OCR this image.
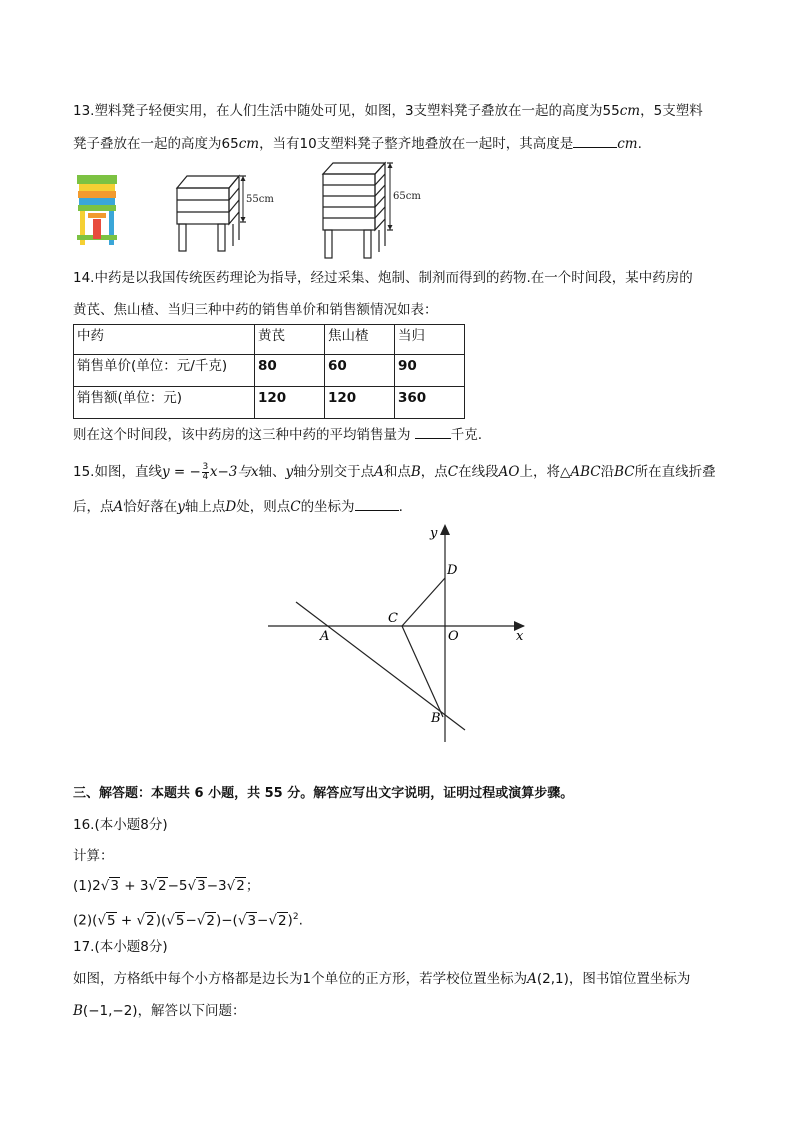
13.塑料凳子轻便实用，在人们生活中随处可见，如图，3支塑料凳子叠放在一起的高度为55cm，5支塑料
凳子叠放在一起的高度为65cm，当有10支塑料凳子整齐地叠放在一起时，其高度是	cm.
55cm	65cm
14.中药是以我国传统医药理论为指导，经过采集、炮制、制剂而得到的药物.在一个时间段，某中药房的
黄芪、焦山楂、当归三种中药的销售单价和销售额情况如表：
中药	黄芪	焦山楂	当归
销售单价(单位：元/千克)	80	60	90
销售额(单位：元)	120	120	360
则在这个时间段，该中药房的这三种中药的平均销售量为	千克.
15.如图，直线y = − $\frac{3}{4} x-3$与x轴、y轴分别交于点A和点B，点C在线段AO上，将△ABC沿BC所在直线折叠
后，点A恰好落在y轴上点D处，则点C的坐标为	.
y
x
D
C
A	O
B
三、解答题：本题共 6 小题，共 55 分。解答应写出文字说明，证明过程或演算步骤。
16.(本小题8分)
计算：
(1)2√3 + 3√2−5√3−3√2；
$(2)(√5 + √2)(√5-√2)-(√3-√2)^2$.
17.(本小题8分)
如图，方格纸中每个小方格都是边长为1个单位的正方形，若学校位置坐标为A(2,1)，图书馆位置坐标为
B(−1,−2)，解答以下问题：
